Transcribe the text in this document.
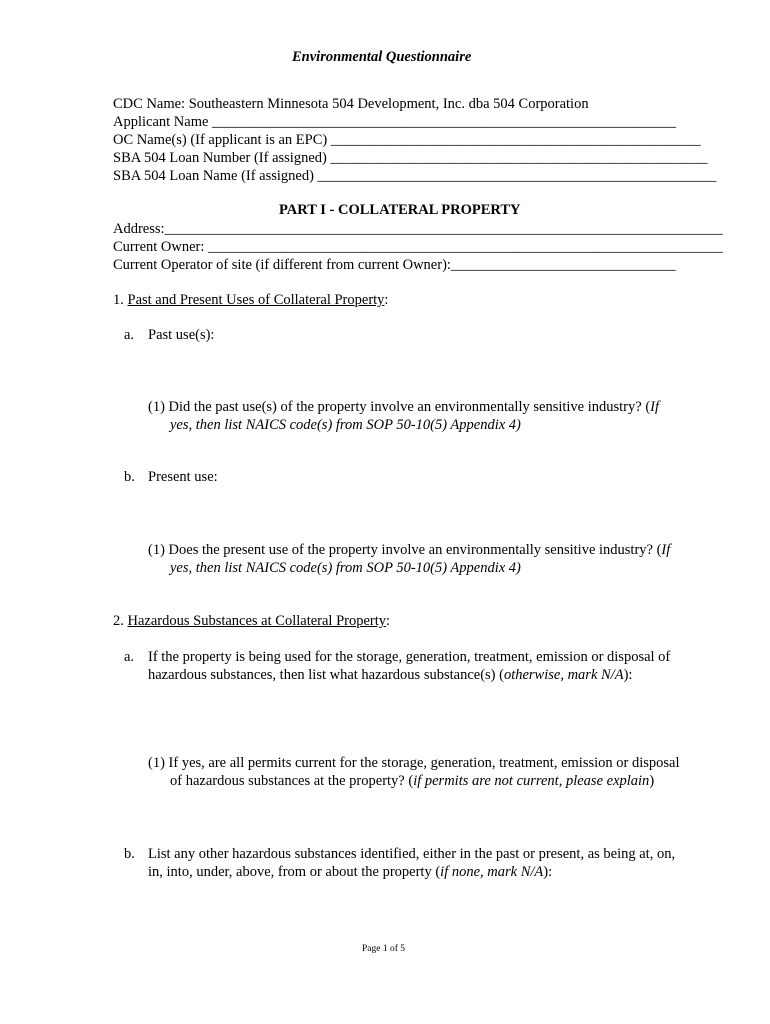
Environmental Questionnaire
CDC Name: Southeastern Minnesota 504 Development, Inc. dba 504 Corporation
Applicant Name ________________________________________________________________
OC Name(s) (If applicant is an EPC) ___________________________________________________
SBA 504 Loan Number (If assigned) ____________________________________________________
SBA 504 Loan Name (If assigned) _______________________________________________________
PART I - COLLATERAL PROPERTY
Address:_____________________________________________________________________________
Current Owner: _______________________________________________________________________
Current Operator of site (if different from current Owner):_______________________________
1. Past and Present Uses of Collateral Property:
a. Past use(s):
(1) Did the past use(s) of the property involve an environmentally sensitive industry? (If
yes, then list NAICS code(s) from SOP 50-10(5) Appendix 4)
b. Present use:
(1) Does the present use of the property involve an environmentally sensitive industry? (If
yes, then list NAICS code(s) from SOP 50-10(5) Appendix 4)
2. Hazardous Substances at Collateral Property:
a. If the property is being used for the storage, generation, treatment, emission or disposal of
hazardous substances, then list what hazardous substance(s) (otherwise, mark N/A):
(1) If yes, are all permits current for the storage, generation, treatment, emission or disposal
of hazardous substances at the property? (if permits are not current, please explain)
b. List any other hazardous substances identified, either in the past or present, as being at, on,
in, into, under, above, from or about the property (if none, mark N/A):
Page 1 of 5
